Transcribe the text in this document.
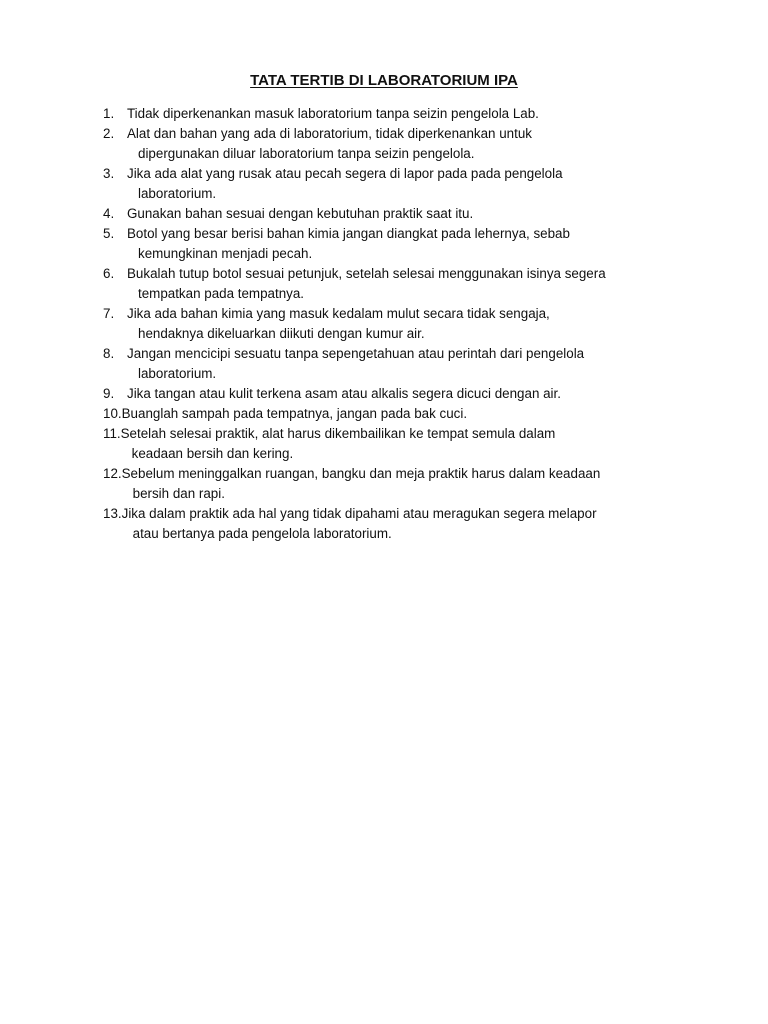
TATA TERTIB DI LABORATORIUM IPA
1. Tidak diperkenankan masuk laboratorium tanpa seizin pengelola Lab.
2. Alat dan bahan yang ada di laboratorium, tidak diperkenankan untuk
dipergunakan diluar laboratorium tanpa seizin pengelola.
3. Jika ada alat yang rusak atau pecah segera di lapor pada pada pengelola
laboratorium.
4. Gunakan bahan sesuai dengan kebutuhan praktik saat itu.
5. Botol yang besar berisi bahan kimia jangan diangkat pada lehernya, sebab
kemungkinan menjadi pecah.
6. Bukalah tutup botol sesuai petunjuk, setelah selesai menggunakan isinya segera
tempatkan pada tempatnya.
7. Jika ada bahan kimia yang masuk kedalam mulut secara tidak sengaja,
hendaknya dikeluarkan diikuti dengan kumur air.
8. Jangan mencicipi sesuatu tanpa sepengetahuan atau perintah dari pengelola
laboratorium.
9. Jika tangan atau kulit terkena asam atau alkalis segera dicuci dengan air.
10. Buanglah sampah pada tempatnya, jangan pada bak cuci.
11. Setelah selesai praktik, alat harus dikembailikan ke tempat semula dalam
keadaan bersih dan kering.
12. Sebelum meninggalkan ruangan, bangku dan meja praktik harus dalam keadaan
bersih dan rapi.
13. Jika dalam praktik ada hal yang tidak dipahami atau meragukan segera melapor
atau bertanya pada pengelola laboratorium.
